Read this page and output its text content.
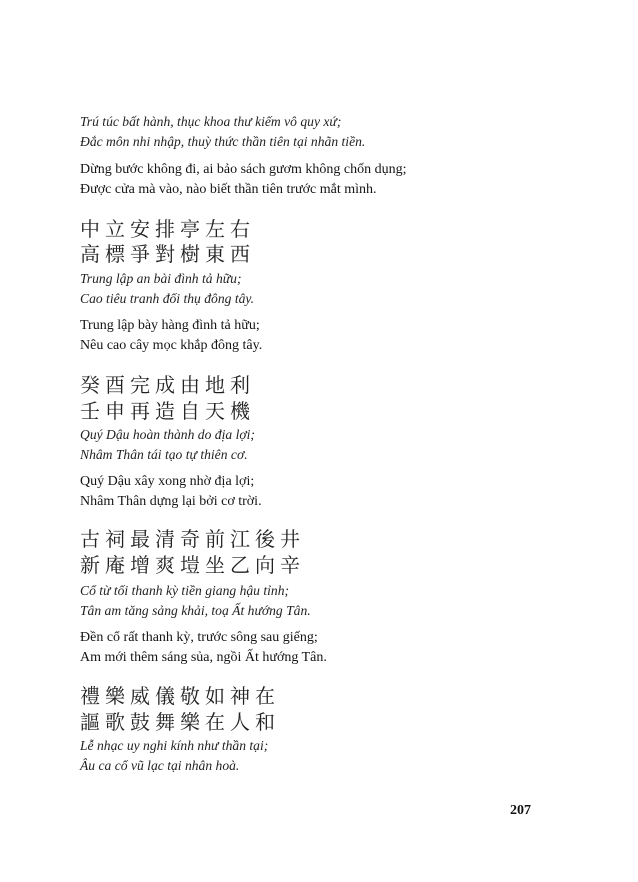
Trú túc bất hành, thục khoa thư kiếm vô quy xứ;
Đắc môn nhi nhập, thuỳ thức thần tiên tại nhãn tiền.
Dừng bước không đi, ai bảo sách gươm không chốn dụng;
Được cửa mà vào, nào biết thần tiên trước mắt mình.
中立安排亭左右
高標爭對樹東西
Trung lập an bài đình tả hữu;
Cao tiêu tranh đối thụ đông tây.
Trung lập bày hàng đình tả hữu;
Nêu cao cây mọc khắp đông tây.
癸酉完成由地利
壬申再造自天機
Quý Dậu hoàn thành do địa lợi;
Nhâm Thân tái tạo tự thiên cơ.
Quý Dậu xây xong nhờ địa lợi;
Nhâm Thân dựng lại bởi cơ trời.
古祠最清奇前江後井
新庵增爽塏坐乙向辛
Cổ từ tối thanh kỳ tiền giang hậu tỉnh;
Tân am tăng sảng khải, toạ Ất hướng Tân.
Đền cổ rất thanh kỳ, trước sông sau giếng;
Am mới thêm sáng sủa, ngồi Ất hướng Tân.
禮樂威儀敬如神在
謳歌鼓舞樂在人和
Lễ nhạc uy nghi kính như thần tại;
Âu ca cổ vũ lạc tại nhân hoà.
207
